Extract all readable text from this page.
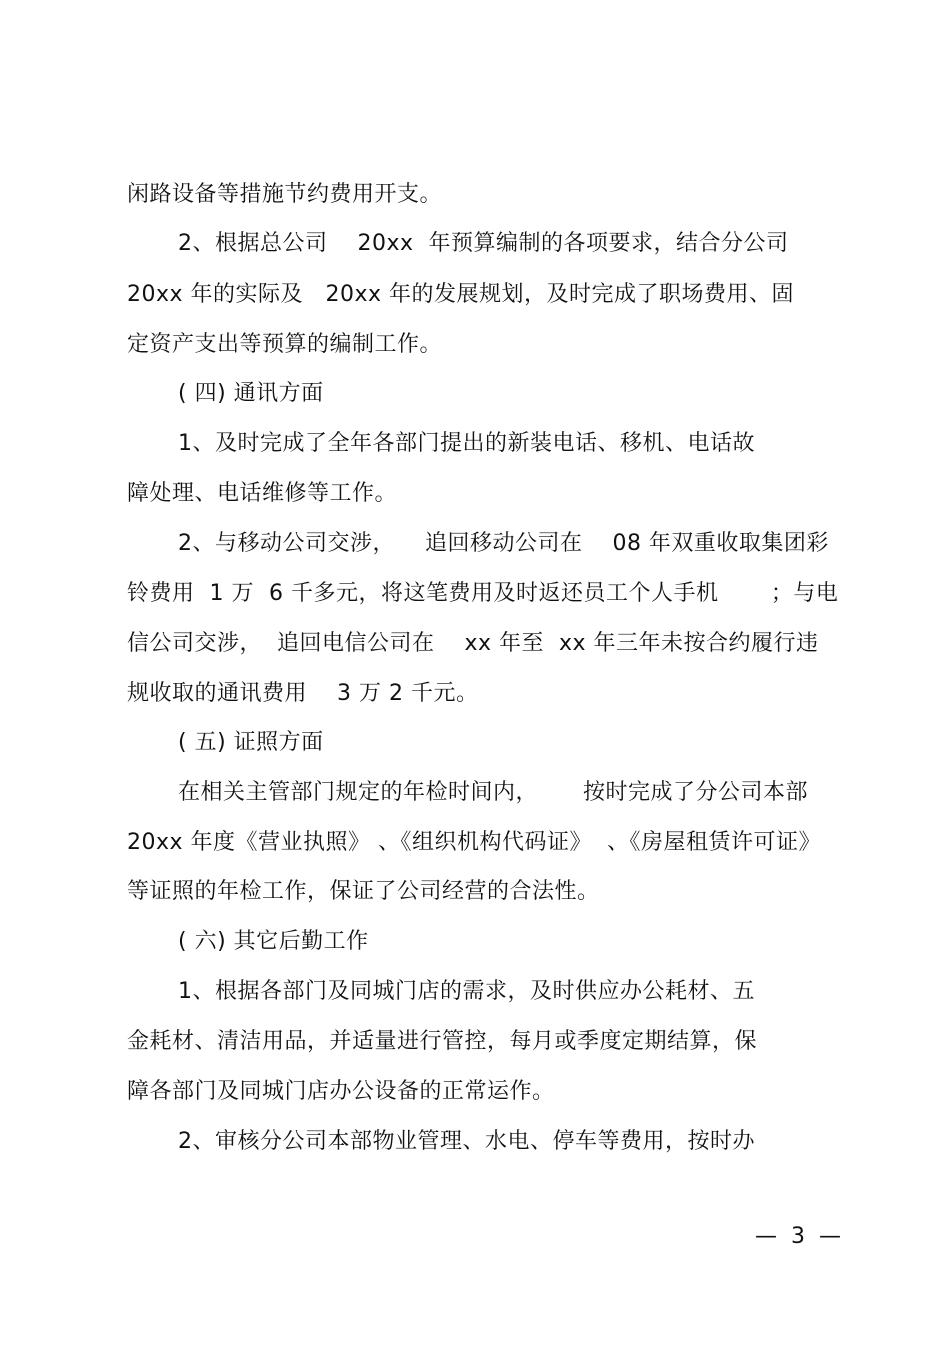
闲路设备等措施节约费用开支。
2、根据总公司    20xx  年预算编制的各项要求，结合分公司
20xx 年的实际及   20xx 年的发展规划，及时完成了职场费用、固
定资产支出等预算的编制工作。
( 四) 通讯方面
1、及时完成了全年各部门提出的新装电话、移机、电话故
障处理、电话维修等工作。
2、与移动公司交涉，    追回移动公司在    08 年双重收取集团彩
铃费用  1 万  6 千多元，将这笔费用及时返还员工个人手机       ；与电
信公司交涉，  追回电信公司在    xx 年至  xx 年三年未按合约履行违
规收取的通讯费用    3 万 2 千元。
( 五) 证照方面
在相关主管部门规定的年检时间内，      按时完成了分公司本部
20xx 年度《营业执照》 、《组织机构代码证》  、《房屋租赁许可证》
等证照的年检工作，保证了公司经营的合法性。
( 六) 其它后勤工作
1、根据各部门及同城门店的需求，及时供应办公耗材、五
金耗材、清洁用品，并适量进行管控，每月或季度定期结算，保
障各部门及同城门店办公设备的正常运作。
2、审核分公司本部物业管理、水电、停车等费用，按时办
—  3  —
